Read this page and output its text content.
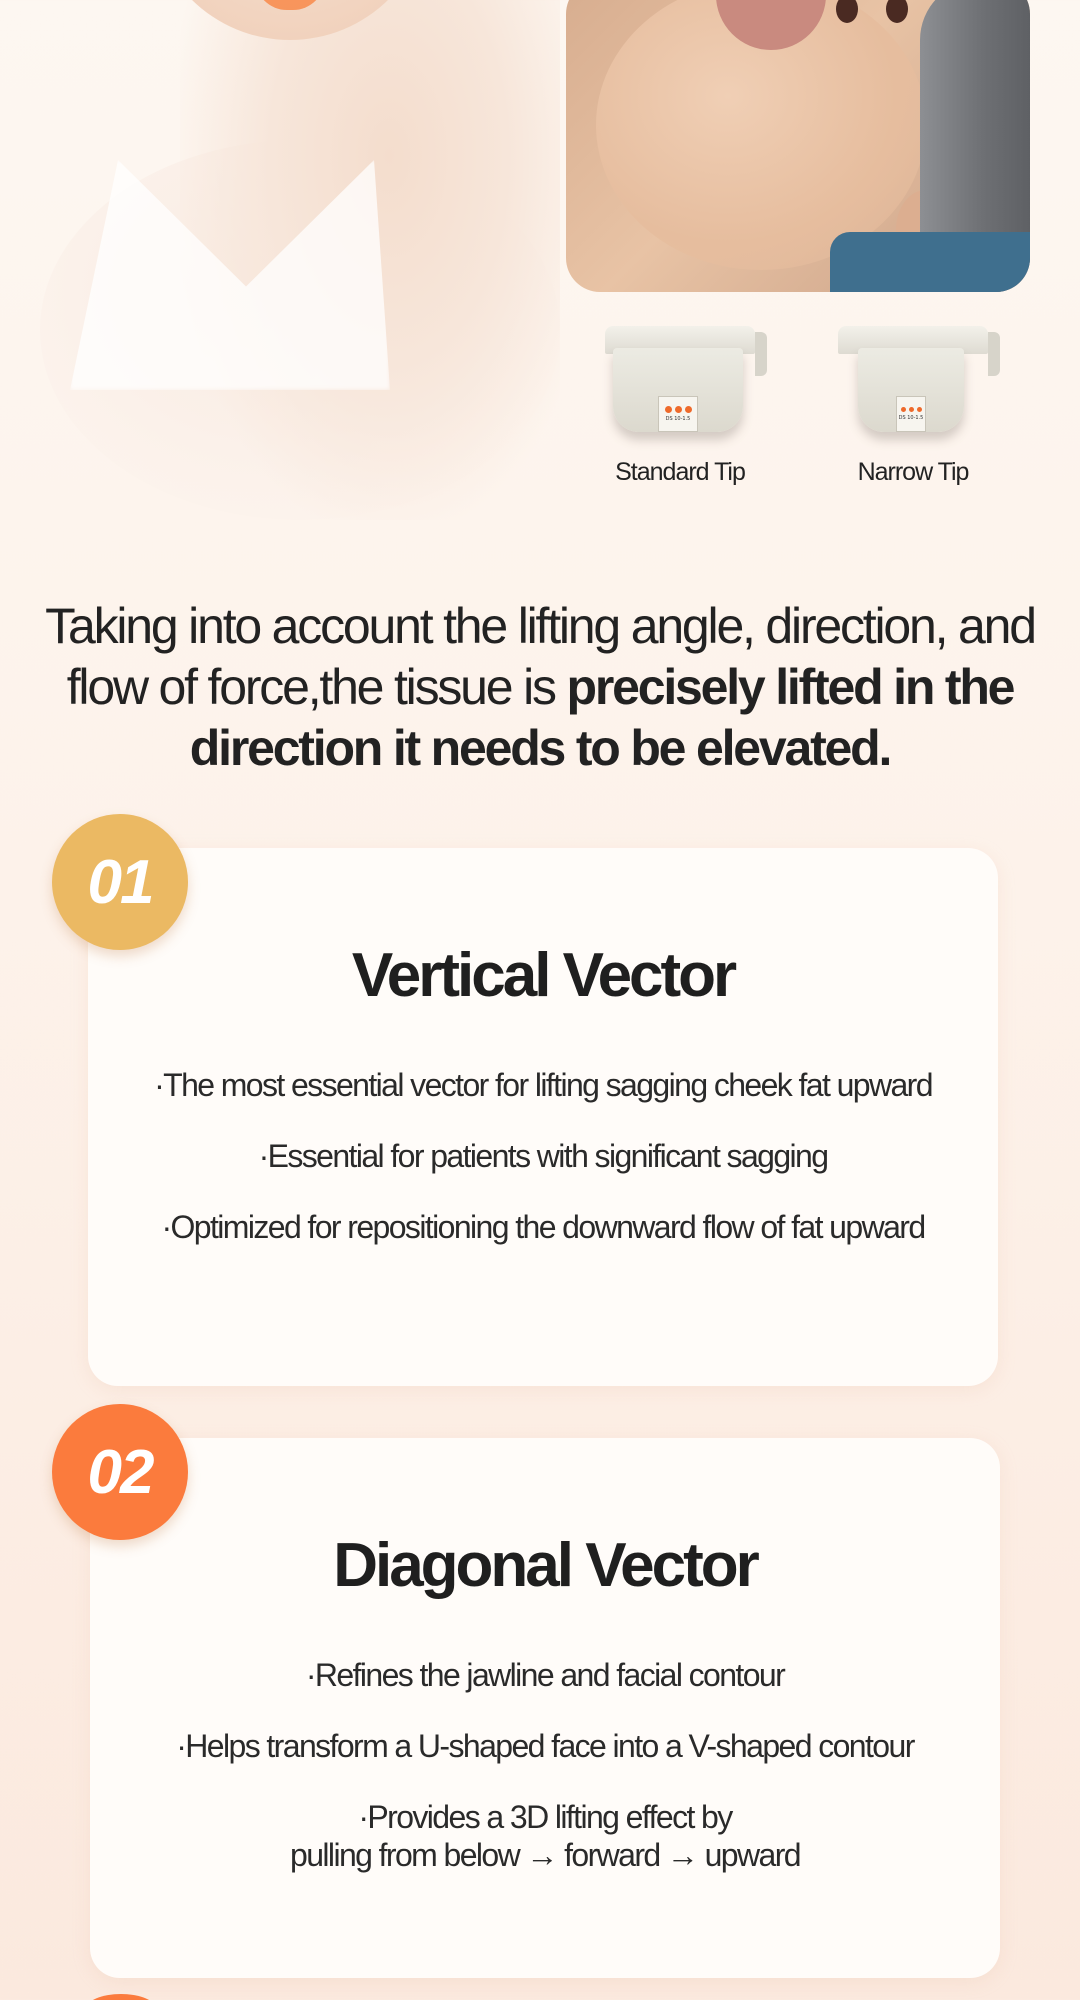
DS 10-1.5
Standard Tip
DS 10-1.5
Narrow Tip
Taking into account the lifting angle, direction, and flow of force,the tissue is precisely lifted in the direction it needs to be elevated.
Vertical Vector
·The most essential vector for lifting sagging cheek fat upward
·Essential for patients with significant sagging
·Optimized for repositioning the downward flow of fat upward
01
Diagonal Vector
·Refines the jawline and facial contour
·Helps transform a U-shaped face into a V-shaped contour
·Provides a 3D lifting effect by
pulling from below → forward → upward
02
